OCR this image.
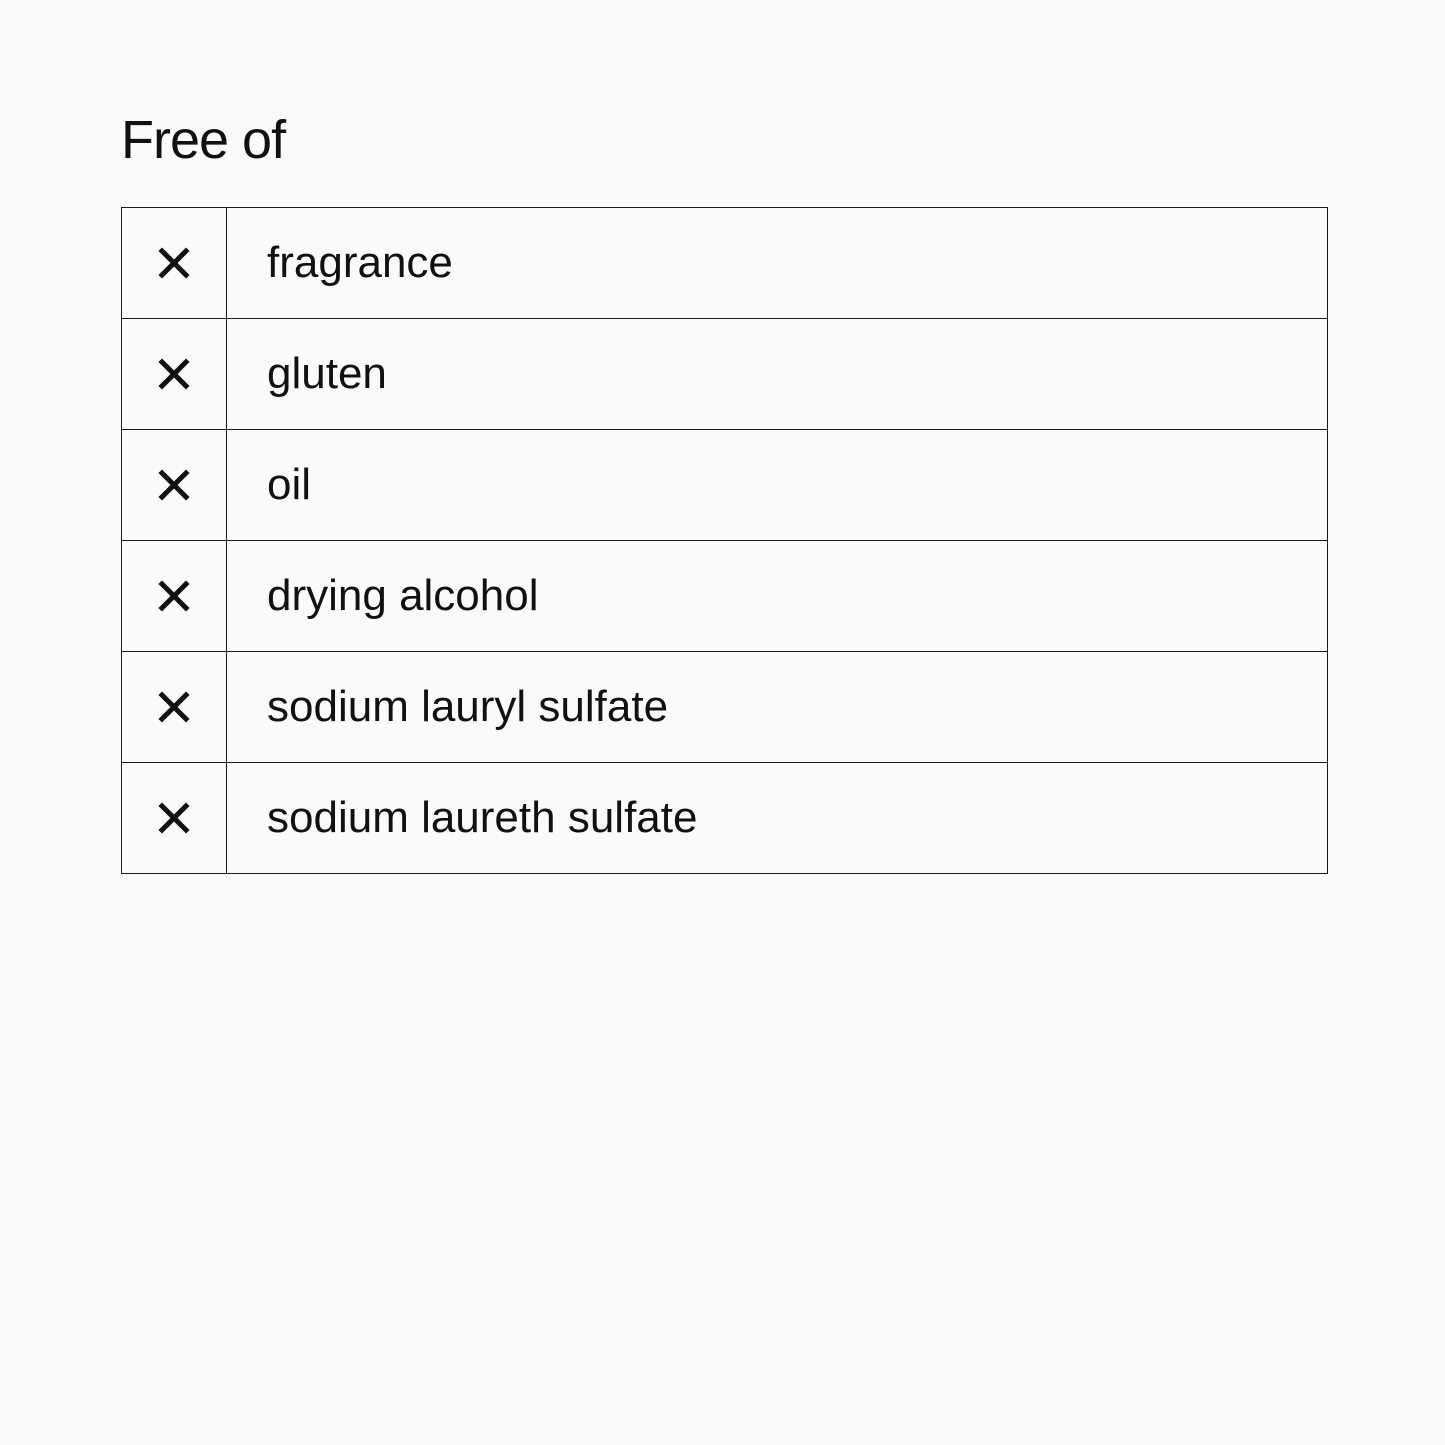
Free of
	fragrance

	gluten

	oil

	drying alcohol

	sodium lauryl sulfate

	sodium laureth sulfate
